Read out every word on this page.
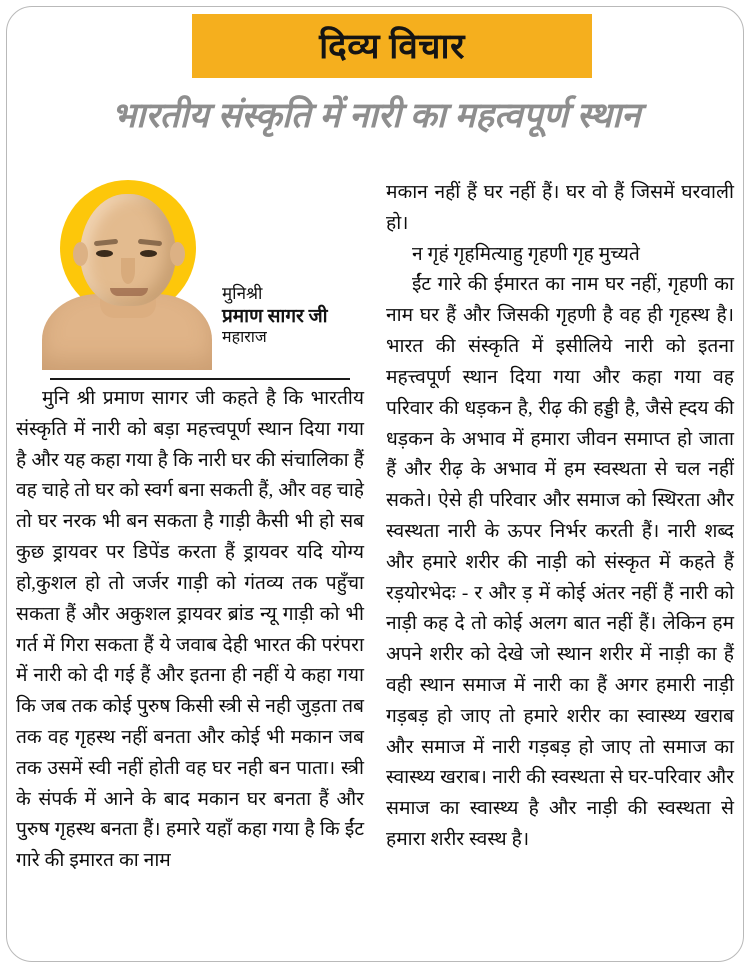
दिव्य विचार
भारतीय संस्कृति में नारी का महत्वपूर्ण स्थान
मुनिश्री
प्रमाण सागर जी
महाराज

मुनि श्री प्रमाण सागर जी कहते है कि भारतीय संस्कृति में नारी को बड़ा महत्त्वपूर्ण स्थान दिया गया है और यह कहा गया है कि नारी घर की संचालिका हैं वह चाहे तो घर को स्वर्ग बना सकती हैं, और वह चाहे तो घर नरक भी बन सकता है गाड़ी कैसी भी हो सब कुछ ड्रायवर पर डिपेंड करता हैं ड्रायवर यदि योग्य हो,कुशल हो तो जर्जर गाड़ी को गंतव्य तक पहुँचा सकता हैं और अकुशल ड्रायवर ब्रांड न्यू गाड़ी को भी गर्त में गिरा सकता हैं ये जवाब देही भारत की परंपरा में नारी को दी गई हैं और इतना ही नहीं ये कहा गया कि जब तक कोई पुरुष किसी स्त्री से नही जुड़ता तब तक वह गृहस्थ नहीं बनता और कोई भी मकान जब तक उसमें स्वी नहीं होती वह घर नही बन पाता। स्त्री के संपर्क में आने के बाद मकान घर बनता हैं और पुरुष गृहस्थ बनता हैं। हमारे यहाँ कहा गया है कि ईंट गारे की इमारत का नाम

मकान नहीं हैं घर नहीं हैं। घर वो हैं जिसमें घरवाली हो।

न गृहं गृहमित्याहु गृहणी गृह मुच्यते

ईंट गारे की ईमारत का नाम घर नहीं, गृहणी का नाम घर हैं और जिसकी गृहणी है वह ही गृहस्थ है। भारत की संस्कृति में इसीलिये नारी को इतना महत्त्वपूर्ण स्थान दिया गया और कहा गया वह परिवार की धड़कन है, रीढ़ की हड्डी है, जैसे ह्दय की धड़कन के अभाव में हमारा जीवन समाप्त हो जाता हैं और रीढ़ के अभाव में हम स्वस्थता से चल नहीं सकते। ऐसे ही परिवार और समाज को स्थिरता और स्वस्थता नारी के ऊपर निर्भर करती हैं। नारी शब्द और हमारे शरीर की नाड़ी को संस्कृत में कहते हैं रड़योरभेदः - र और ड़ में कोई अंतर नहीं हैं नारी को नाड़ी कह दे तो कोई अलग बात नहीं हैं। लेकिन हम अपने शरीर को देखे जो स्थान शरीर में नाड़ी का हैं वही स्थान समाज में नारी का हैं अगर हमारी नाड़ी गड़बड़ हो जाए तो हमारे शरीर का स्वास्थ्य खराब और समाज में नारी गड़बड़ हो जाए तो समाज का स्वास्थ्य खराब। नारी की स्वस्थता से घर-परिवार और समाज का स्वास्थ्य है और नाड़ी की स्वस्थता से हमारा शरीर स्वस्थ है।
